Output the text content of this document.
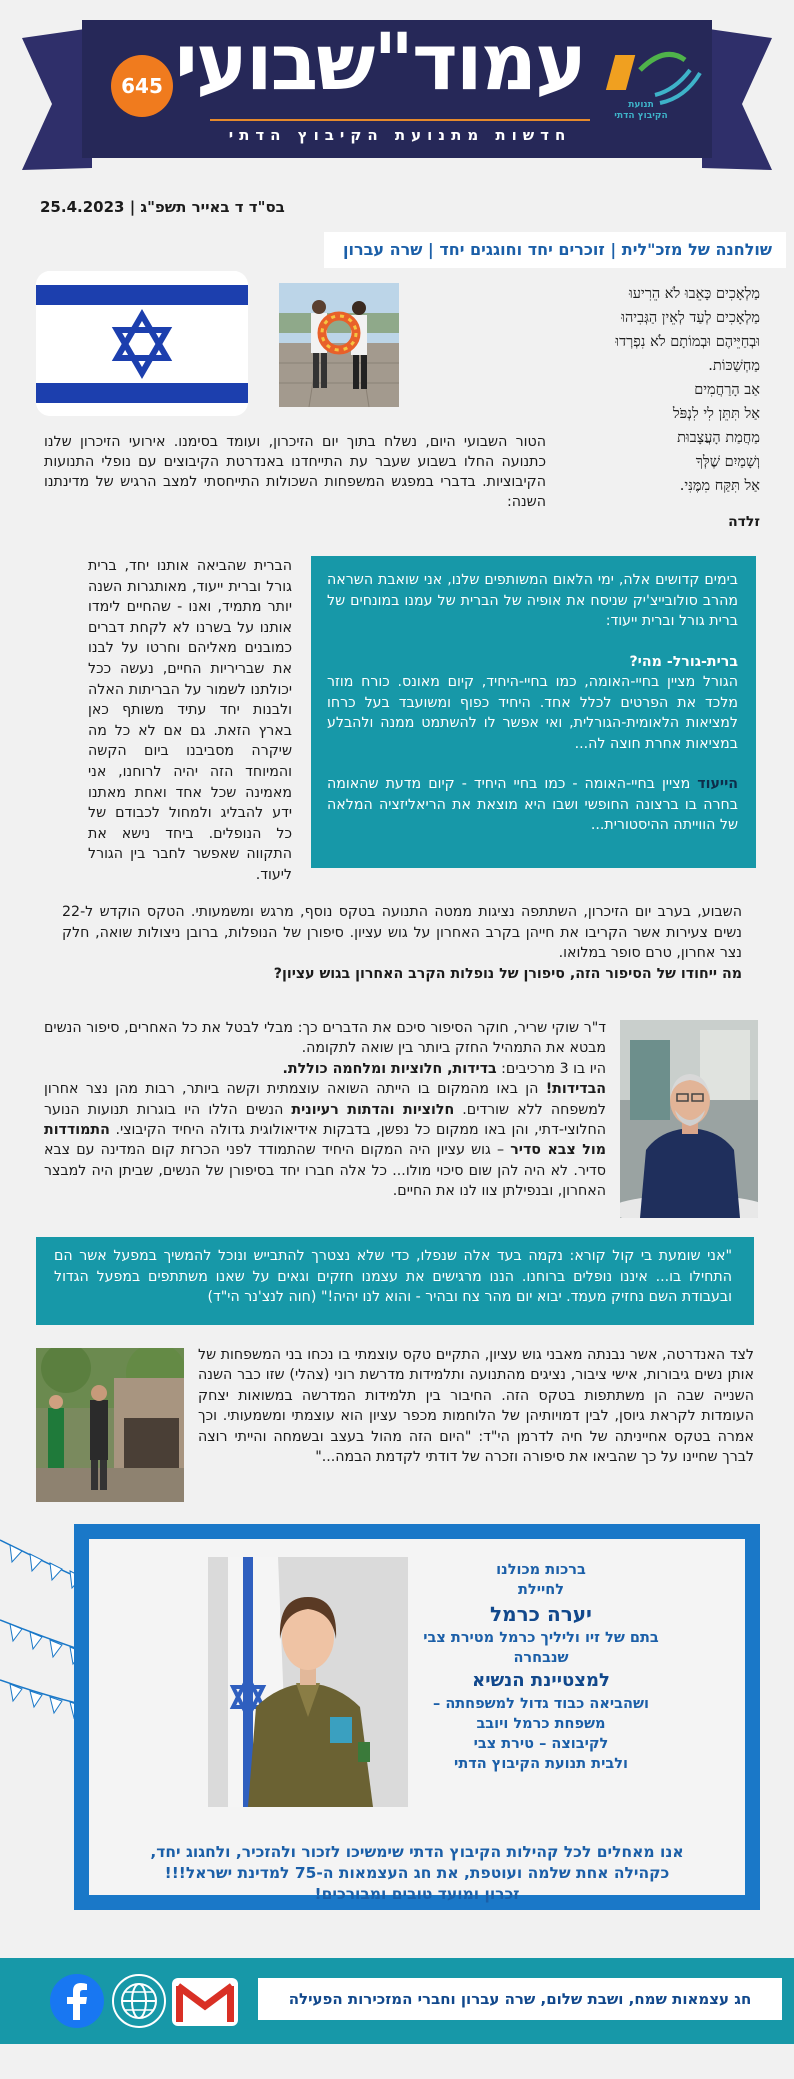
עמוד"שבועי
חדשות מתנועת הקיבוץ הדתי
645
תנועת הקיבוץ הדתי
בס"ד ד באייר תשפ"ג | 25.4.2023
שולחנה של מזכ"לית | זוכרים יחד וחוגגים יחד | שרה עברון
מַלְאָכִים כָּאֵבוּ לֹא הֵרִיעוּ
מַלְאָכִים לְעַד לְאֵין הַגְּבִיהוּ
וּבְחַיֵּיהֶם וּבְמוֹתָם לֹא נִפְרְדוּ
מַחְשַׁכּוֹת.
אַב הָרַחֲמִים
אַל תִּתֵּן לִי לִנְפֹּל
מַחֲמַת הָעֲצָבוּת
וְשָׁמַיִם שֶׁלְּךָ
אַל תִּקַּח מִמֶּנִּי.
זלדה
הטור השבועי היום, נשלח בתוך יום הזיכרון, ועומד בסימנו. אירועי הזיכרון שלנו כתנועה החלו בשבוע שעבר עת התייחדנו באנדרטת הקיבוצים עם נופלי התנועות הקיבוציות. בדברי במפגש המשפחות השכולות התייחסתי למצב הרגיש של מדינתנו השנה:
בימים קדושים אלה, ימי הלאום המשותפים שלנו, אני שואבת השראה מהרב סולובייצ'יק שניסח את אופיה של הברית של עמנו במונחים של ברית גורל וברית ייעוד:
ברית-גורל- מהי?
הגורל מציין בחיי-האומה, כמו בחיי-היחיד, קיום מאונס. כורח מוזר מלכד את הפרטים לכלל אחד. היחיד כפוף ומשועבד בעל כרחו למציאות הלאומית-הגורלית, ואי אפשר לו להשתמט ממנה ולהבלע במציאות אחרת חוצה לה...
הייעוד מציין בחיי-האומה - כמו בחיי היחיד - קיום מדעת שהאומה בחרה בו ברצונה החופשי ושבו היא מוצאת את הריאליזציה המלאה של הווייתה ההיסטורית...
הברית שהביאה אותנו יחד, ברית גורל וברית ייעוד, מאותגרות השנה יותר מתמיד, ואנו - שהחיים לימדו אותנו על בשרנו לא לקחת דברים כמובנים מאליהם וחרטו על לבנו את שבריריות החיים, נעשה ככל יכולתנו לשמור על הבריתות האלה ולבנות יחד עתיד משותף כאן בארץ הזאת. גם אם לא כל מה שיקרה מסביבנו ביום הקשה והמיוחד הזה יהיה לרוחנו, אני מאמינה שכל אחד ואחת מאתנו ידע להבליג ולמחול לכבודם של כל הנופלים. ביחד נישא את התקווה שאפשר לחבר בין הגורל ליעוד.
השבוע, בערב יום הזיכרון, השתתפה נציגות ממטה התנועה בטקס נוסף, מרגש ומשמעותי. הטקס הוקדש ל-22 נשים צעירות אשר הקריבו את חייהן בקרב האחרון על גוש עציון. סיפורן של הנופלות, ברובן ניצולות שואה, חלק נצר אחרון, טרם סופר במלואו.
מה ייחודו של הסיפור הזה, סיפורן של נופלות הקרב האחרון בגוש עציון?
ד"ר שוקי שריר, חוקר הסיפור סיכם את הדברים כך: מבלי לבטל את כל האחרים, סיפור הנשים מבטא את התמהיל החזק ביותר בין שואה לתקומה.
היו בו 3 מרכיבים: בדידות, חלוציות ומלחמה כוללת.
הבדידות! הן באו מהמקום בו הייתה השואה עוצמתית וקשה ביותר, רבות מהן נצר אחרון למשפחה ללא שורדים. חלוציות והדתות רעיונית הנשים הללו היו בוגרות תנועות הנוער החלוצי-דתי, והן באו ממקום כל נפשן, בדבקות אידיאולוגית גדולה היחיד הקיבוצי. התמודדות מול צבא סדיר – גוש עציון היה המקום היחיד שהתמודד לפני הכרזת קום המדינה עם צבא סדיר. לא היה להן שום סיכוי מולו... כל אלה חברו יחד בסיפורן של הנשים, שביתן היה למבצר האחרון, ובנפילתן צוו לנו את החיים.
"אני שומעת בי קול קורא: נקמה בעד אלה שנפלו, כדי שלא נצטרך להתבייש ונוכל להמשיך במפעל אשר הם התחילו בו... איננו נופלים ברוחנו. הננו מרגישים את עצמנו חזקים וגאים על שאנו משתתפים במפעל הגדול ובעבודת השם נחזיק מעמד. יבוא יום מהר צח ובהיר - והוא לנו יהיה!" (חוה לנצ'נר הי"ד)
לצד האנדרטה, אשר נבנתה מאבני גוש עציון, התקיים טקס עוצמתי בו נכחו בני המשפחות של אותן נשים גיבורות, אישי ציבור, נציגים מהתנועה ותלמידות מדרשת רוני (צהלי) שזו כבר השנה השנייה שבה הן משתתפות בטקס הזה. החיבור בין תלמידות המדרשה במשואות יצחק העומדות לקראת גיוסן, לבין דמויותיהן של הלוחמות מכפר עציון הוא עוצמתי ומשמעותי. וכך אמרה בטקס אחייניתה של חיה לדרמן הי"ד: "היום הזה מהול בעצב ובשמחה והייתי רוצה לברך שחיינו על כך שהביאו את סיפורה וזכרה של דודתי לקדמת הבמה..."
ברכות מכולנו
לחיילת
יערה כרמל
בתם של זיו וליליך כרמל מטירת צבי
שנבחרה
למצטיינת הנשיא
ושהביאה כבוד גדול למשפחתה – משפחת כרמל ויובב
לקיבוצה – טירת צבי
ולבית תנועת הקיבוץ הדתי
אנו מאחלים לכל קהילות הקיבוץ הדתי שימשיכו לזכור ולהזכיר, ולחגוג יחד,
כקהילה אחת שלמה ועוטפת, את חג העצמאות ה-75 למדינת ישראל!!!
זכרון ומועד טובים ומבורכים!
חג עצמאות שמח, ושבת שלום, שרה עברון וחברי המזכירות הפעילה
